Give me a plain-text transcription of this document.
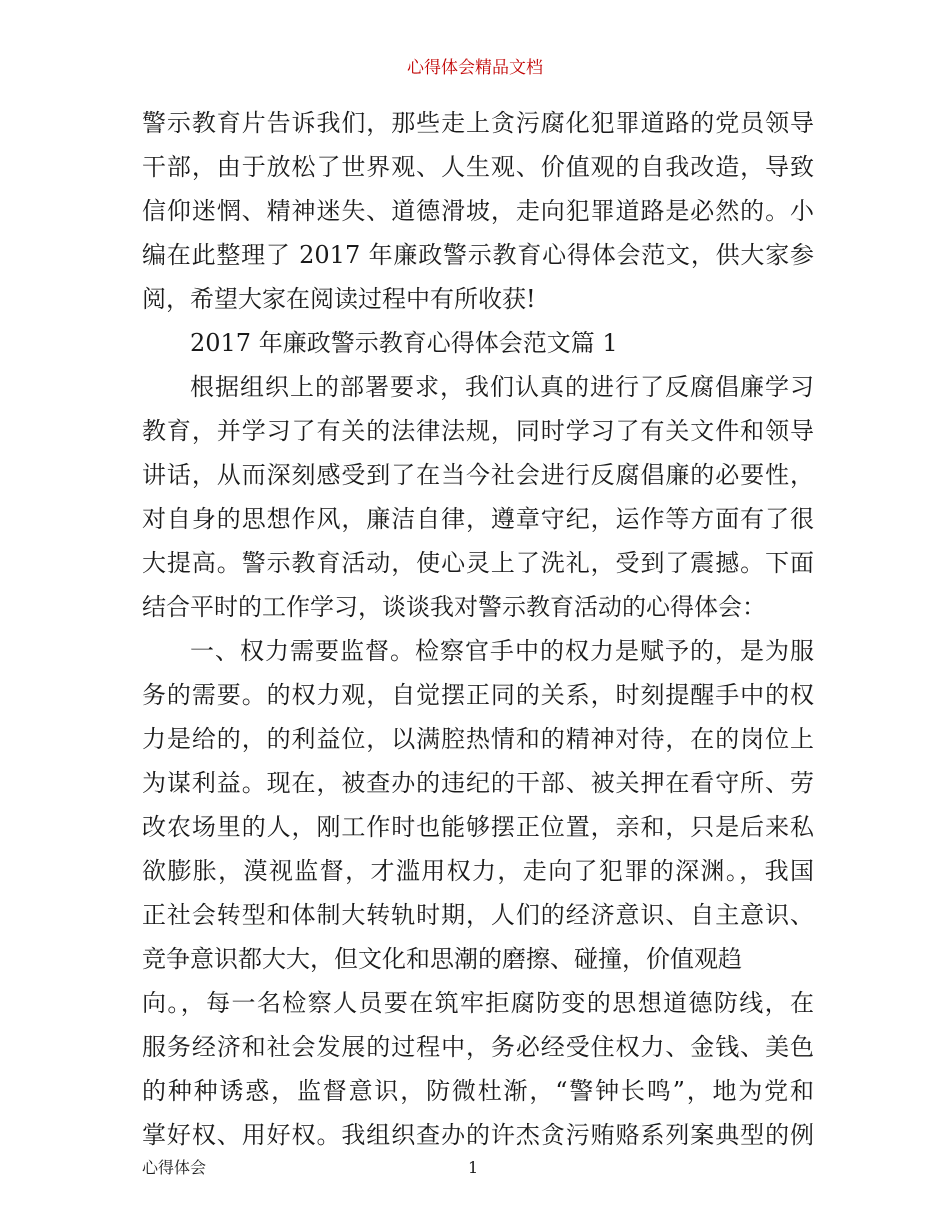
心得体会精品文档
警示教育片告诉我们，那些走上贪污腐化犯罪道路的党员领导
干部，由于放松了世界观、人生观、价值观的自我改造，导致
信仰迷惘、精神迷失、道德滑坡，走向犯罪道路是必然的。小
编在此整理了 2017 年廉政警示教育心得体会范文，供大家参
阅，希望大家在阅读过程中有所收获!
2017 年廉政警示教育心得体会范文篇 1
根据组织上的部署要求，我们认真的进行了反腐倡廉学习
教育，并学习了有关的法律法规，同时学习了有关文件和领导
讲话，从而深刻感受到了在当今社会进行反腐倡廉的必要性，
对自身的思想作风，廉洁自律，遵章守纪，运作等方面有了很
大提高。警示教育活动，使心灵上了洗礼，受到了震撼。下面
结合平时的工作学习，谈谈我对警示教育活动的心得体会：
一、权力需要监督。检察官手中的权力是赋予的，是为服
务的需要。的权力观，自觉摆正同的关系，时刻提醒手中的权
力是给的，的利益位，以满腔热情和的精神对待，在的岗位上
为谋利益。现在，被查办的违纪的干部、被关押在看守所、劳
改农场里的人，刚工作时也能够摆正位置，亲和，只是后来私
欲膨胀，漠视监督，才滥用权力，走向了犯罪的深渊。，我国
正社会转型和体制大转轨时期，人们的经济意识、自主意识、
竞争意识都大大，但文化和思潮的磨擦、碰撞，价值观趋
向。，每一名检察人员要在筑牢拒腐防变的思想道德防线，在
服务经济和社会发展的过程中，务必经受住权力、金钱、美色
的种种诱惑，监督意识，防微杜渐，“警钟长鸣”，地为党和
掌好权、用好权。我组织查办的许杰贪污贿赂系列案典型的例
心得体会	1
